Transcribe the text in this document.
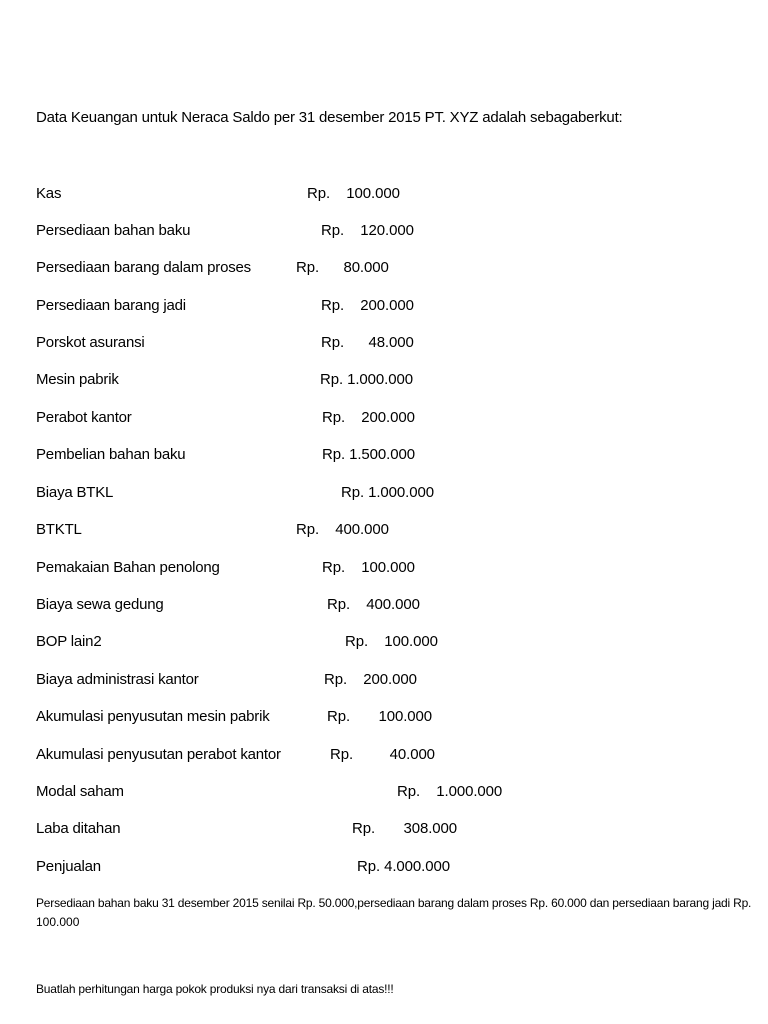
Data Keuangan untuk Neraca Saldo per 31 desember 2015 PT. XYZ adalah sebagaberkut:
Kas	Rp.    100.000
Persediaan bahan baku	Rp.    120.000
Persediaan barang dalam proses	Rp.      80.000
Persediaan barang jadi	Rp.    200.000
Porskot asuransi	Rp.      48.000
Mesin pabrik	Rp. 1.000.000
Perabot kantor	Rp.    200.000
Pembelian bahan baku	Rp. 1.500.000
Biaya BTKL	Rp. 1.000.000
BTKTL	Rp.    400.000
Pemakaian Bahan penolong	Rp.    100.000
Biaya sewa gedung	Rp.    400.000
BOP lain2	Rp.    100.000
Biaya administrasi kantor	Rp.    200.000
Akumulasi penyusutan mesin pabrik	Rp.       100.000
Akumulasi penyusutan perabot kantor	Rp.         40.000
Modal saham	Rp.    1.000.000
Laba ditahan	Rp.       308.000
Penjualan	Rp. 4.000.000
Persediaan bahan baku 31 desember 2015 senilai Rp. 50.000,persediaan barang dalam proses Rp. 60.000 dan persediaan barang jadi Rp.
100.000
Buatlah perhitungan harga pokok produksi nya dari transaksi di atas!!!
